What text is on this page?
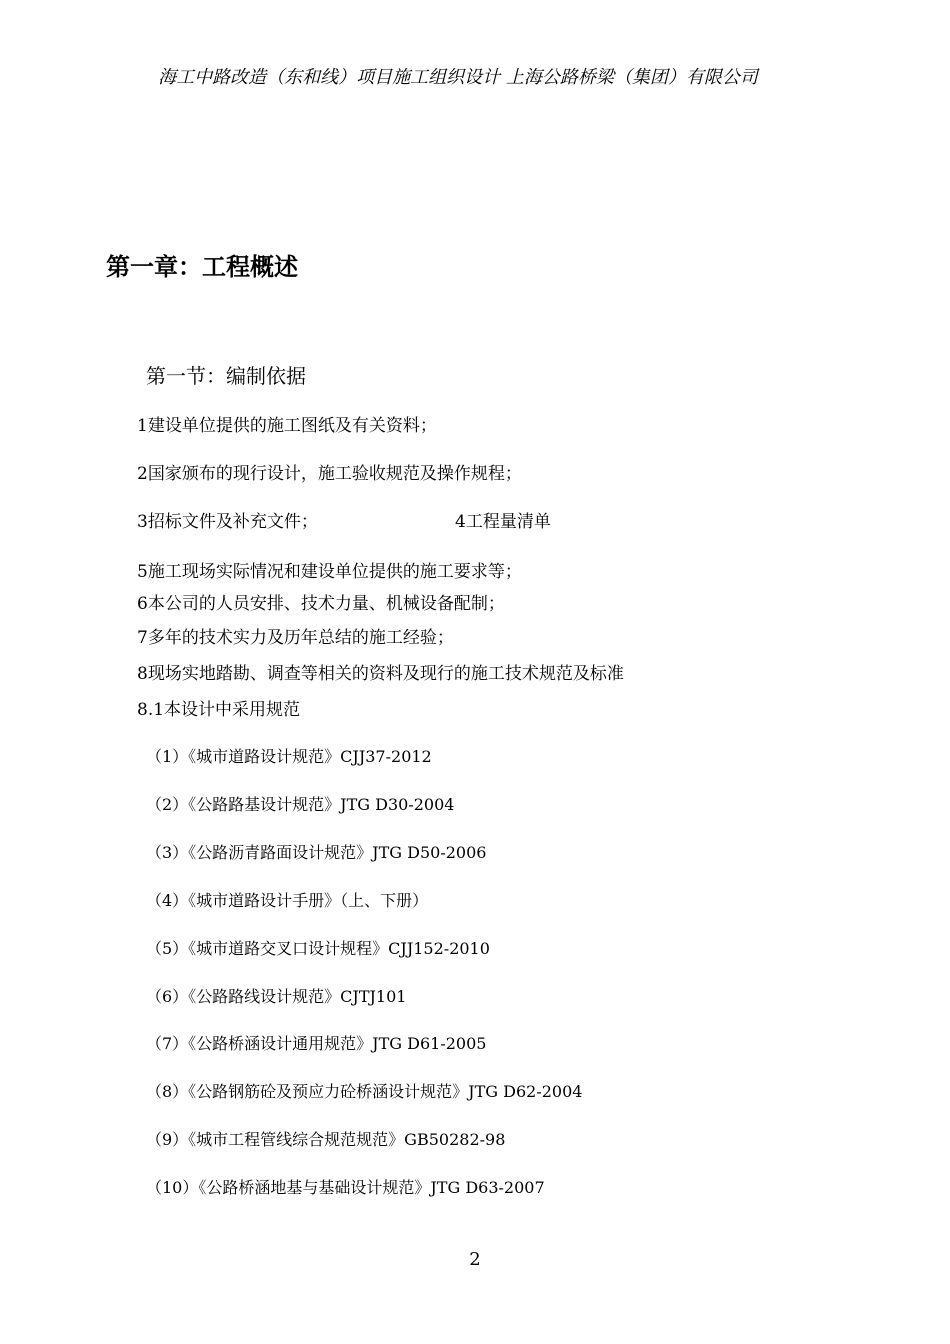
海工中路改造（东和线）项目施工组织设计 上海公路桥梁（集团）有限公司
第一章：工程概述
第一节：编制依据
1建设单位提供的施工图纸及有关资料；
2国家颁布的现行设计，施工验收规范及操作规程；
3招标文件及补充文件；	4工程量清单
5施工现场实际情况和建设单位提供的施工要求等；
6本公司的人员安排、技术力量、机械设备配制；
7多年的技术实力及历年总结的施工经验；
8现场实地踏勘、调查等相关的资料及现行的施工技术规范及标准
8.1本设计中采用规范
（1）《城市道路设计规范》CJJ37-2012
（2）《公路路基设计规范》JTG D30-2004
（3）《公路沥青路面设计规范》JTG D50-2006
（4）《城市道路设计手册》（上、下册）
（5）《城市道路交叉口设计规程》CJJ152-2010
（6）《公路路线设计规范》CJTJ101
（7）《公路桥涵设计通用规范》JTG D61-2005
（8）《公路钢筋砼及预应力砼桥涵设计规范》JTG D62-2004
（9）《城市工程管线综合规范规范》GB50282-98
（10）《公路桥涵地基与基础设计规范》JTG D63-2007
2
